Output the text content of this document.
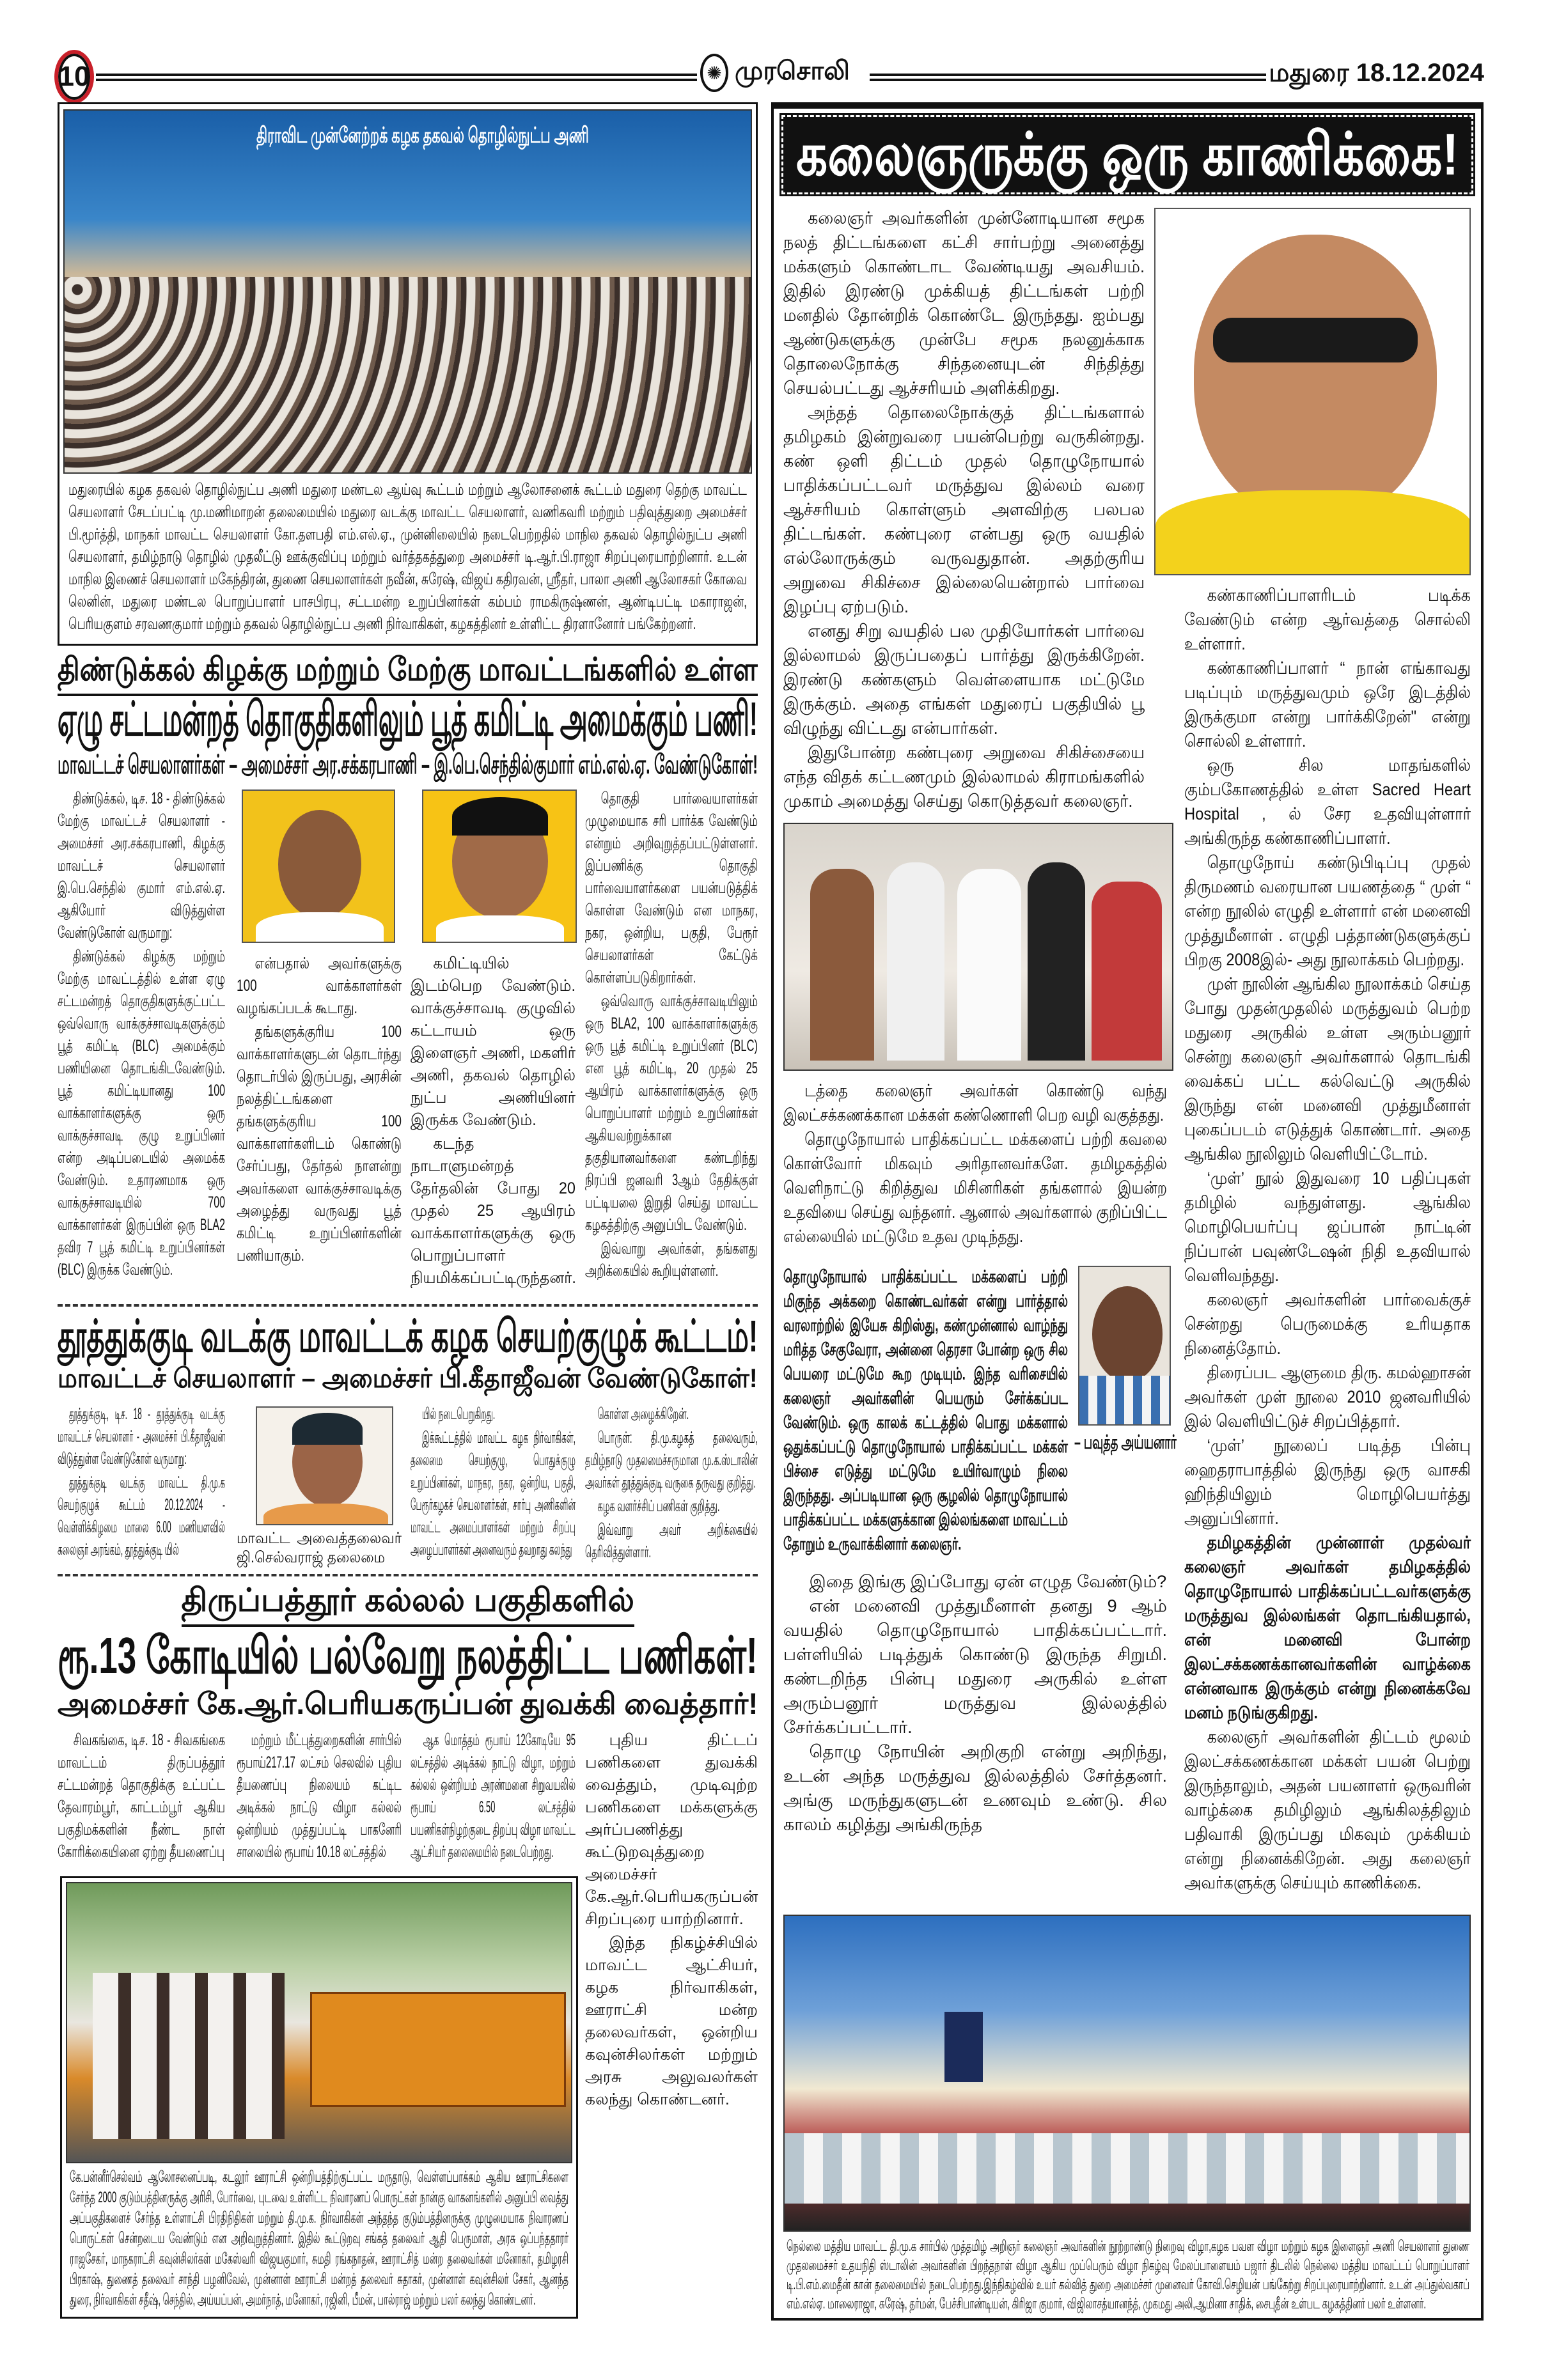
10	✺ முரசொலி	மதுரை 18.12.2024
திராவிட முன்னேற்றக் கழக தகவல் தொழில்நுட்ப அணி
மதுரையில் கழக தகவல் தொழில்நுட்ப அணி மதுரை மண்டல ஆய்வு கூட்டம் மற்றும் ஆலோசனைக் கூட்டம் மதுரை தெற்கு மாவட்ட செயலாளர் சேடப்பட்டி மு.மணிமாறன் தலைமையில் மதுரை வடக்கு மாவட்ட செயலாளர், வணிகவரி மற்றும் பதிவுத்துறை அமைச்சர் பி.மூர்த்தி, மாநகர் மாவட்ட செயலாளர் கோ.தளபதி எம்.எல்.ஏ., முன்னிலையில் நடைபெற்றதில் மாநில தகவல் தொழில்நுட்ப அணி செயலாளர், தமிழ்நாடு தொழில் முதலீட்டு ஊக்குவிப்பு மற்றும் வர்த்தகத்துறை அமைச்சர் டி.ஆர்.பி.ராஜா சிறப்புரையாற்றினார். உடன் மாநில இணைச் செயலாளர் மகேந்திரன், துணை செயலாளர்கள் நவீன், சுரேஷ், விஜய் கதிரவன், ஸ்ரீதர், பாலா அணி ஆலோசகர் கோவை லெனின், மதுரை மண்டல பொறுப்பாளர் பாசபிரபு, சட்டமன்ற உறுப்பினர்கள் கம்பம் ராமகிருஷ்ணன், ஆண்டிபட்டி மகாராஜன், பெரியகுளம் சரவணகுமார் மற்றும் தகவல் தொழில்நுட்ப அணி நிர்வாகிகள், கழகத்தினர் உள்ளிட்ட திரளானோர் பங்கேற்றனர்.
திண்டுக்கல் கிழக்கு மற்றும் மேற்கு மாவட்டங்களில் உள்ள
ஏழு சட்டமன்றத் தொகுதிகளிலும் பூத் கமிட்டி அமைக்கும் பணி!
மாவட்டச் செயலாளர்கள் – அமைச்சர் அர.சக்கரபாணி – இ.பெ.செந்தில்குமார் எம்.எல்.ஏ. வேண்டுகோள்!

திண்டுக்கல், டிச. 18 - திண்டுக்கல் மேற்கு மாவட்டச் செயலாளர் - அமைச்சர் அர.சக்கரபாணி, கிழக்கு மாவட்டச் செயலாளர் இ.பெ.செந்தில் குமார் எம்.எல்.ஏ. ஆகியோர் விடுத்துள்ள வேண்டுகோள் வருமாறு:

திண்டுக்கல் கிழக்கு மற்றும் மேற்கு மாவட்டத்தில் உள்ள ஏழு சட்டமன்றத் தொகுதிகளுக்குட்பட்ட ஒவ்வொரு வாக்குச்சாவடிகளுக்கும் பூத் கமிட்டி (BLC) அமைக்கும் பணியினை தொடங்கிடவேண்டும். பூத் கமிட்டியானது 100 வாக்காளர்களுக்கு ஒரு வாக்குச்சாவடி குழு உறுப்பினர் என்ற அடிப்படையில் அமைக்க வேண்டும். உதாரணமாக ஒரு வாக்குச்சாவடியில் 700 வாக்காளர்கள் இருப்பின் ஒரு BLA2 தவிர 7 பூத் கமிட்டி உறுப்பினர்கள் (BLC) இருக்க வேண்டும்.

என்பதால் அவர்களுக்கு 100 வாக்காளர்கள் வழங்கப்படக் கூடாது.

தங்களுக்குரிய 100 வாக்காளர்களுடன் தொடர்ந்து தொடர்பில் இருப்பது, அரசின் நலத்திட்டங்களை தங்களுக்குரிய 100 வாக்காளர்களிடம் கொண்டு சேர்ப்பது, தேர்தல் நாளன்று அவர்களை வாக்குச்சாவடிக்கு அழைத்து வருவது பூத் கமிட்டி உறுப்பினர்களின் பணியாகும்.

கமிட்டியில் இடம்பெற வேண்டும். வாக்குச்சாவடி குழுவில் கட்டாயம் ஒரு இளைஞர் அணி, மகளிர் அணி, தகவல் தொழில் நுட்ப அணியினர் இருக்க வேண்டும்.

கடந்த நாடாளுமன்றத் தேர்தலின் போது 20 முதல் 25 ஆயிரம் வாக்காளர்களுக்கு ஒரு பொறுப்பாளர் நியமிக்கப்பட்டிருந்தனர்.

தொகுதி பார்வையாளர்கள் முழுமையாக சரி பார்க்க வேண்டும் என்றும் அறிவுறுத்தப்பட்டுள்ளனர். இப்பணிக்கு தொகுதி பார்வையாளர்களை பயன்படுத்திக் கொள்ள வேண்டும் என மாநகர, நகர, ஒன்றிய, பகுதி, பேரூர் செயலாளர்கள் கேட்டுக் கொள்ளப்படுகிறார்கள்.

ஒவ்வொரு வாக்குச்சாவடியிலும் ஒரு BLA2, 100 வாக்காளர்களுக்கு ஒரு பூத் கமிட்டி உறுப்பினர் (BLC) என பூத் கமிட்டி, 20 முதல் 25 ஆயிரம் வாக்காளர்களுக்கு ஒரு பொறுப்பாளர் மற்றும் உறுபினர்கள் ஆகியவற்றுக்கான தகுதியானவர்களை கண்டறிந்து நிரப்பி ஜனவரி 3ஆம் தேதிக்குள் பட்டியலை இறுதி செய்து மாவட்ட கழகத்திற்கு அனுப்பிட வேண்டும்.

இவ்வாறு அவர்கள், தங்களது அறிக்கையில் கூறியுள்ளனர்.

தூத்துக்குடி வடக்கு மாவட்டக் கழக செயற்குழுக் கூட்டம்!
மாவட்டச் செயலாளர் – அமைச்சர் பி.கீதாஜீவன் வேண்டுகோள்!

தூத்துக்குடி, டிச. 18 - தூத்துக்குடி வடக்கு மாவட்டச் செயலாளர் - அமைச்சர் பி.கீதாஜீவன் விடுத்துள்ள வேண்டுகோள் வருமாறு:

தூத்துக்குடி வடக்கு மாவட்ட தி.மு.க செயற்குழுக் கூட்டம் 20.12.2024 - வெள்ளிக்கிழமை மாலை 6.00 மணியளவில் கலைஞர் அரங்கம், தூத்துக்குடி யில்

மாவட்ட அவைத்தலைவர் ஜி.செல்வராஜ் தலைமை

யில் நடைபெறுகிறது.

இக்கூட்டத்தில் மாவட்ட கழக நிர்வாகிகள், தலைமை செயற்குழு, பொதுக்குழு உறுப்பினர்கள், மாநகர, நகர, ஒன்றிய, பகுதி, பேரூர்கழகச் செயலாளர்கள், சார்பு அணிகளின் மாவட்ட அமைப்பாளர்கள் மற்றும் சிறப்பு அழைப்பாளர்கள் அனைவரும் தவறாது கலந்து

கொள்ள அழைக்கிறேன்.

பொருள்: தி.மு.கழகத் தலைவரும், தமிழ்நாடு முதலமைச்சருமான மு.க.ஸ்டாலின் அவர்கள் தூத்துக்குடி வருகை தருவது குறித்து.

கழக வளர்ச்சிப் பணிகள் குறித்து.

இவ்வாறு அவர் அறிக்கையில் தெரிவித்துள்ளார்.

திருப்பத்தூர் கல்லல் பகுதிகளில்
ரூ.13 கோடியில் பல்வேறு நலத்திட்ட பணிகள்!
அமைச்சர் கே.ஆர்.பெரியகருப்பன் துவக்கி வைத்தார்!

சிவகங்கை, டிச. 18 - சிவகங்கை மாவட்டம் திருப்பத்தூர் சட்டமன்றத் தொகுதிக்கு உட்பட்ட தேவாரம்பூர், காட்டம்பூர் ஆகிய பகுதிமக்களின் நீண்ட நாள் கோரிக்கையினை ஏற்று தீயணைப்பு

மற்றும் மீட்புத்துறைகளின் சார்பில் ரூபாய்217.17 லட்சம் செலவில் புதிய தீயணைப்பு நிலையம் கட்டிட அடிக்கல் நாட்டு விழா கல்லல் ஒன்றியம் முத்துப்பட்டி பாகனேரி சாலையில் ரூபாய் 10.18 லட்சத்தில்

ஆக மொத்தம் ரூபாய் 12கோடியே 95 லட்சத்தில் அடிக்கல் நாட்டு விழா, மற்றும் கல்லல் ஒன்றியம் அரண்மனை சிறுவயலில் ரூபாய் 6.50 லட்சத்தில் பயணிகள்நிழற்குடை திறப்பு விழா மாவட்ட ஆட்சியர் தலைமையில் நடைபெற்றது.

புதிய திட்டப் பணிகளை துவக்கி வைத்தும், முடிவுற்ற பணிகளை மக்களுக்கு அர்ப்பணித்து கூட்டுறவுத்துறை அமைச்சர் கே.ஆர்.பெரியகருப்பன் சிறப்புரை யாற்றினார்.

இந்த நிகழ்ச்சியில் மாவட்ட ஆட்சியர், கழக நிர்வாகிகள், ஊராட்சி மன்ற தலைவர்கள், ஒன்றிய கவுன்சிலர்கள் மற்றும் அரசு அலுவலர்கள் கலந்து கொண்டனர்.

கே.பன்னீர்செல்வம் ஆலோசனைப்படி, கடலூர் ஊராட்சி ஒன்றியத்திற்குட்பட்ட மருதாடு, வெள்ளப்பாக்கம் ஆகிய ஊராட்சிகளை சேர்ந்த 2000 குடும்பத்தினருக்கு அரிசி, போர்வை, புடவை உள்ளிட்ட நிவாரணப் பொருட்கள் நான்கு வாகனங்களில் அனுப்பி வைத்து அப்பகுதிகளைச் சேர்ந்த உள்ளாட்சி பிரதிநிதிகள் மற்றும் தி.மு.க. நிர்வாகிகள் அந்தந்த குடும்பத்தினருக்கு முழுமையாக நிவாரணப் பொருட்கள் சென்றடைய வேண்டும் என அறிவுறுத்தினார். இதில் கூட்டுறவு சங்கத் தலைவர் ஆதி பெருமாள், அரசு ஒப்பந்ததாரர் ராஜசேகர், மாநகராட்சி கவுன்சிலர்கள் மகேஸ்வரி விஜயகுமார், சுமதி ரங்கநாதன், ஊராட்சித் மன்ற தலைவர்கள் மனோகர், தமிழரசி பிரகாஷ், துணைத் தலைவர் சாந்தி பழனிவேல், முன்னாள் ஊராட்சி மன்றத் தலைவர் சுதாகர், முன்னாள் கவுன்சிலர் சேகர், ஆனந்த துரை, நிர்வாகிகள் சதீஷ், செந்தில், அய்யப்பன், அமர்நாத், மனோகர், ரஜினி, பீமன், பால்ராஜ் மற்றும் பலர் கலந்து கொண்டனர்.
கலைஞருக்கு ஒரு காணிக்கை!

கலைஞர் அவர்களின் முன்னோடியான சமூக நலத் திட்டங்களை கட்சி சார்பற்று அனைத்து மக்களும் கொண்டாட வேண்டியது அவசியம். இதில் இரண்டு முக்கியத் திட்டங்கள் பற்றி மனதில் தோன்றிக் கொண்டே இருந்தது. ஐம்பது ஆண்டுகளுக்கு முன்பே சமூக நலனுக்காக தொலைநோக்கு சிந்தனையுடன் சிந்தித்து செயல்பட்டது ஆச்சரியம் அளிக்கிறது.

அந்தத் தொலைநோக்குத் திட்டங்களால் தமிழகம் இன்றுவரை பயன்பெற்று வருகின்றது. கண் ஒளி திட்டம் முதல் தொழுநோயால் பாதிக்கப்பட்டவர் மருத்துவ இல்லம் வரை ஆச்சரியம் கொள்ளும் அளவிற்கு பலபல திட்டங்கள். கண்புரை என்பது ஒரு வயதில் எல்லோருக்கும் வருவதுதான். அதற்குரிய அறுவை சிகிச்சை இல்லையென்றால் பார்வை இழப்பு ஏற்படும்.

எனது சிறு வயதில் பல முதியோர்கள் பார்வை இல்லாமல் இருப்பதைப் பார்த்து இருக்கிறேன். இரண்டு கண்களும் வெள்ளையாக மட்டுமே இருக்கும். அதை எங்கள் மதுரைப் பகுதியில் பூ விழுந்து விட்டது என்பார்கள்.

இதுபோன்ற கண்புரை அறுவை சிகிச்சையை எந்த விதக் கட்டணமும் இல்லாமல் கிராமங்களில் முகாம் அமைத்து செய்து கொடுத்தவர் கலைஞர்.

கண்காணிப்பாளரிடம் படிக்க வேண்டும் என்ற ஆர்வத்தை சொல்லி உள்ளார்.

கண்காணிப்பாளர் “ நான் எங்காவது படிப்பும் மருத்துவமும் ஒரே இடத்தில் இருக்குமா என்று பார்க்கிறேன்" என்று சொல்லி உள்ளார்.

ஒரு சில மாதங்களில் கும்பகோணத்தில் உள்ள Sacred Heart Hospital , ல் சேர உதவியுள்ளார் அங்கிருந்த கண்காணிப்பாளர்.

தொழுநோய் கண்டுபிடிப்பு முதல் திருமணம் வரையான பயணத்தை “ முள் “ என்ற நூலில் எழுதி உள்ளார் என் மனைவி முத்துமீனாள் . எழுதி பத்தாண்டுகளுக்குப் பிறகு 2008இல்- அது நூலாக்கம் பெற்றது.

முள் நூலின் ஆங்கில நூலாக்கம் செய்த போது முதன்முதலில் மருத்துவம் பெற்ற மதுரை அருகில் உள்ள அரும்பனூர் சென்று கலைஞர் அவர்களால் தொடங்கி வைக்கப் பட்ட கல்வெட்டு அருகில் இருந்து என் மனைவி முத்துமீனாள் புகைப்படம் எடுத்துக் கொண்டார். அதை ஆங்கில நூலிலும் வெளியிட்டோம்.

‘முள்’ நூல் இதுவரை 10 பதிப்புகள் தமிழில் வந்துள்ளது. ஆங்கில மொழிபெயர்ப்பு ஜப்பான் நாட்டின் நிப்பான் பவுண்டேஷன் நிதி உதவியால் வெளிவந்தது.

கலைஞர் அவர்களின் பார்வைக்குச் சென்றது பெருமைக்கு உரியதாக நினைத்தோம்.

திரைப்பட ஆளுமை திரு. கமல்ஹாசன் அவர்கள் முள் நூலை 2010 ஜனவரியில் இல் வெளியிட்டுச் சிறப்பித்தார்.

‘முள்’ நூலைப் படித்த பின்பு ஹைதராபாத்தில் இருந்து ஒரு வாசகி ஹிந்தியிலும் மொழிபெயர்த்து அனுப்பினார்.

தமிழகத்தின் முன்னாள் முதல்வர் கலைஞர் அவர்கள் தமிழகத்தில் தொழுநோயால் பாதிக்கப்பட்டவர்களுக்கு மருத்துவ இல்லங்கள் தொடங்கியதால், என் மனைவி போன்ற இலட்சக்கணக்கானவர்களின் வாழ்க்கை என்னவாக இருக்கும் என்று நினைக்கவே மனம் நடுங்குகிறது.

கலைஞர் அவர்களின் திட்டம் மூலம் இலட்சக்கணக்கான மக்கள் பயன் பெற்று இருந்தாலும், அதன் பயனாளர் ஒருவரின் வாழ்க்கை தமிழிலும் ஆங்கிலத்திலும் பதிவாகி இருப்பது மிகவும் முக்கியம் என்று நினைக்கிறேன். அது கலைஞர் அவர்களுக்கு செய்யும் காணிக்கை.

டத்தை கலைஞர் அவர்கள் கொண்டு வந்து இலட்சக்கணக்கான மக்கள் கண்ணொளி பெற வழி வகுத்தது.

தொழுநோயால் பாதிக்கப்பட்ட மக்களைப் பற்றி கவலை கொள்வோர் மிகவும் அரிதானவர்களே. தமிழகத்தில் வெளிநாட்டு கிறித்துவ மிசினரிகள் தங்களால் இயன்ற உதவியை செய்து வந்தனர். ஆனால் அவர்களால் குறிப்பிட்ட எல்லையில் மட்டுமே உதவ முடிந்தது.

தொழுநோயால் பாதிக்கப்பட்ட மக்களைப் பற்றி மிகுந்த அக்கறை கொண்டவர்கள் என்று பார்த்தால் வரலாற்றில் இயேசு கிறிஸ்து, கண்முன்னால் வாழ்ந்து மரித்த சேகுவேரா, அன்னை தெரசா போன்ற ஒரு சில பெயரை மட்டுமே கூற முடியும். இந்த வரிசையில் கலைஞர் அவர்களின் பெயரும் சேர்க்கப்பட வேண்டும். ஒரு காலக் கட்டத்தில் பொது மக்களால் ஒதுக்கப்பட்டு தொழுநோயால் பாதிக்கப்பட்ட மக்கள் பிச்சை எடுத்து மட்டுமே உயிர்வாழும் நிலை இருந்தது. அப்படியான ஒரு சூழலில் தொழுநோயால் பாதிக்கப்பட்ட மக்களுக்கான இல்லங்களை மாவட்டம் தோறும் உருவாக்கினார் கலைஞர்.
– பவுத்த அய்யனார்

இதை இங்கு இப்போது ஏன் எழுத வேண்டும்?

என் மனைவி முத்துமீனாள் தனது 9 ஆம் வயதில் தொழுநோயால் பாதிக்கப்பட்டார். பள்ளியில் படித்துக் கொண்டு இருந்த சிறுமி. கண்டறிந்த பின்பு மதுரை அருகில் உள்ள அரும்பனூர் மருத்துவ இல்லத்தில் சேர்க்கப்பட்டார்.

தொழு நோயின் அறிகுறி என்று அறிந்து, உடன் அந்த மருத்துவ இல்லத்தில் சேர்த்தனர். அங்கு மருந்துகளுடன் உணவும் உண்டு. சில காலம் கழித்து அங்கிருந்த

நெல்லை மத்திய மாவட்ட தி.மு.க சார்பில் முத்தமிழ் அறிஞர் கலைஞர் அவர்களின் நூற்றாண்டு நிறைவு விழா,கழக பவள விழா மற்றும் கழக இளைஞர் அணி செயலாளர் துணை முதலமைச்சர் உதயநிதி ஸ்டாலின் அவர்களின் பிறந்தநாள் விழா ஆகிய முப்பெரும் விழா நிகழ்வு மேலப்பாளையம் பஜார் திடலில் நெல்லை மத்திய மாவட்டப் பொறுப்பாளர் டி.பி.எம்.மைதீன் கான் தலைமையில் நடைபெற்றது.இந்நிகழ்வில் உயர் கல்வித் துறை அமைச்சர் முனைவர் கோவி.செழியன் பங்கேற்று சிறப்புரையாற்றினார். உடன் அப்துல்வகாப் எம்.எல்ஏ. மாலைராஜா, சுரேஷ், தர்மன், பேச்சிபாண்டியன், கிரிஜா குமார், விஜிலாசத்யானந்த், முகமது அலி,ஆமினா சாதிக், சைபுதீன் உள்பட கழகத்தினர் பலர் உள்ளனர்.
